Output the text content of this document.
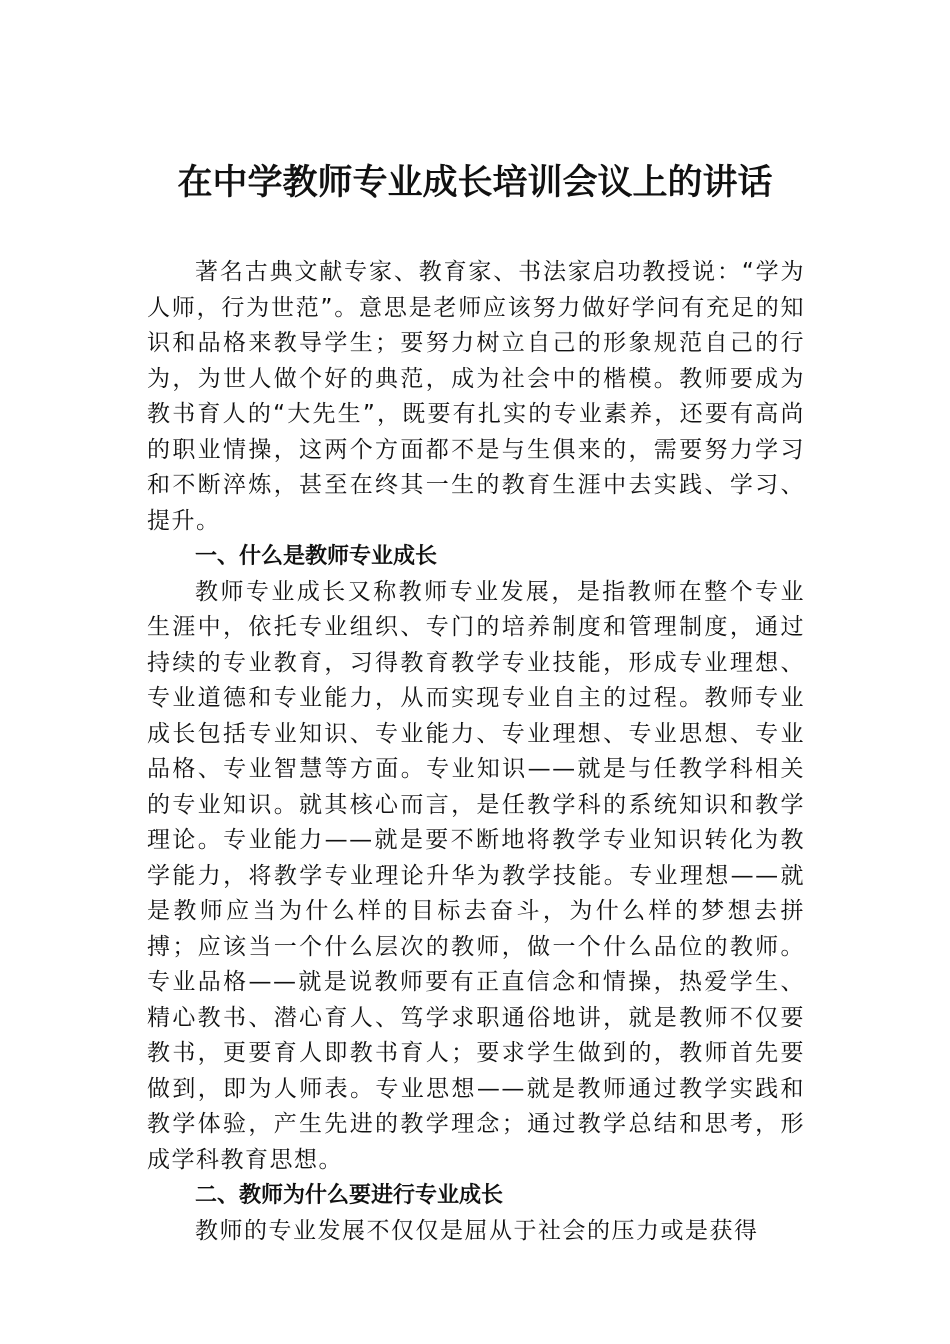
在中学教师专业成长培训会议上的讲话

著名古典文献专家、教育家、书法家启功教授说：“学为人师，行为世范”。意思是老师应该努力做好学问有充足的知识和品格来教导学生；要努力树立自己的形象规范自己的行为，为世人做个好的典范，成为社会中的楷模。教师要成为教书育人的“大先生”，既要有扎实的专业素养，还要有高尚的职业情操，这两个方面都不是与生俱来的，需要努力学习和不断淬炼，甚至在终其一生的教育生涯中去实践、学习、提升。

一、什么是教师专业成长

教师专业成长又称教师专业发展，是指教师在整个专业生涯中，依托专业组织、专门的培养制度和管理制度，通过持续的专业教育，习得教育教学专业技能，形成专业理想、专业道德和专业能力，从而实现专业自主的过程。教师专业成长包括专业知识、专业能力、专业理想、专业思想、专业品格、专业智慧等方面。专业知识——就是与任教学科相关的专业知识。就其核心而言，是任教学科的系统知识和教学理论。专业能力——就是要不断地将教学专业知识转化为教学能力，将教学专业理论升华为教学技能。专业理想——就是教师应当为什么样的目标去奋斗，为什么样的梦想去拼搏；应该当一个什么层次的教师，做一个什么品位的教师。专业品格——就是说教师要有正直信念和情操，热爱学生、精心教书、潜心育人、笃学求职通俗地讲，就是教师不仅要教书，更要育人即教书育人；要求学生做到的，教师首先要做到，即为人师表。专业思想——就是教师通过教学实践和教学体验，产生先进的教学理念；通过教学总结和思考，形成学科教育思想。

二、教师为什么要进行专业成长

教师的专业发展不仅仅是屈从于社会的压力或是获得
